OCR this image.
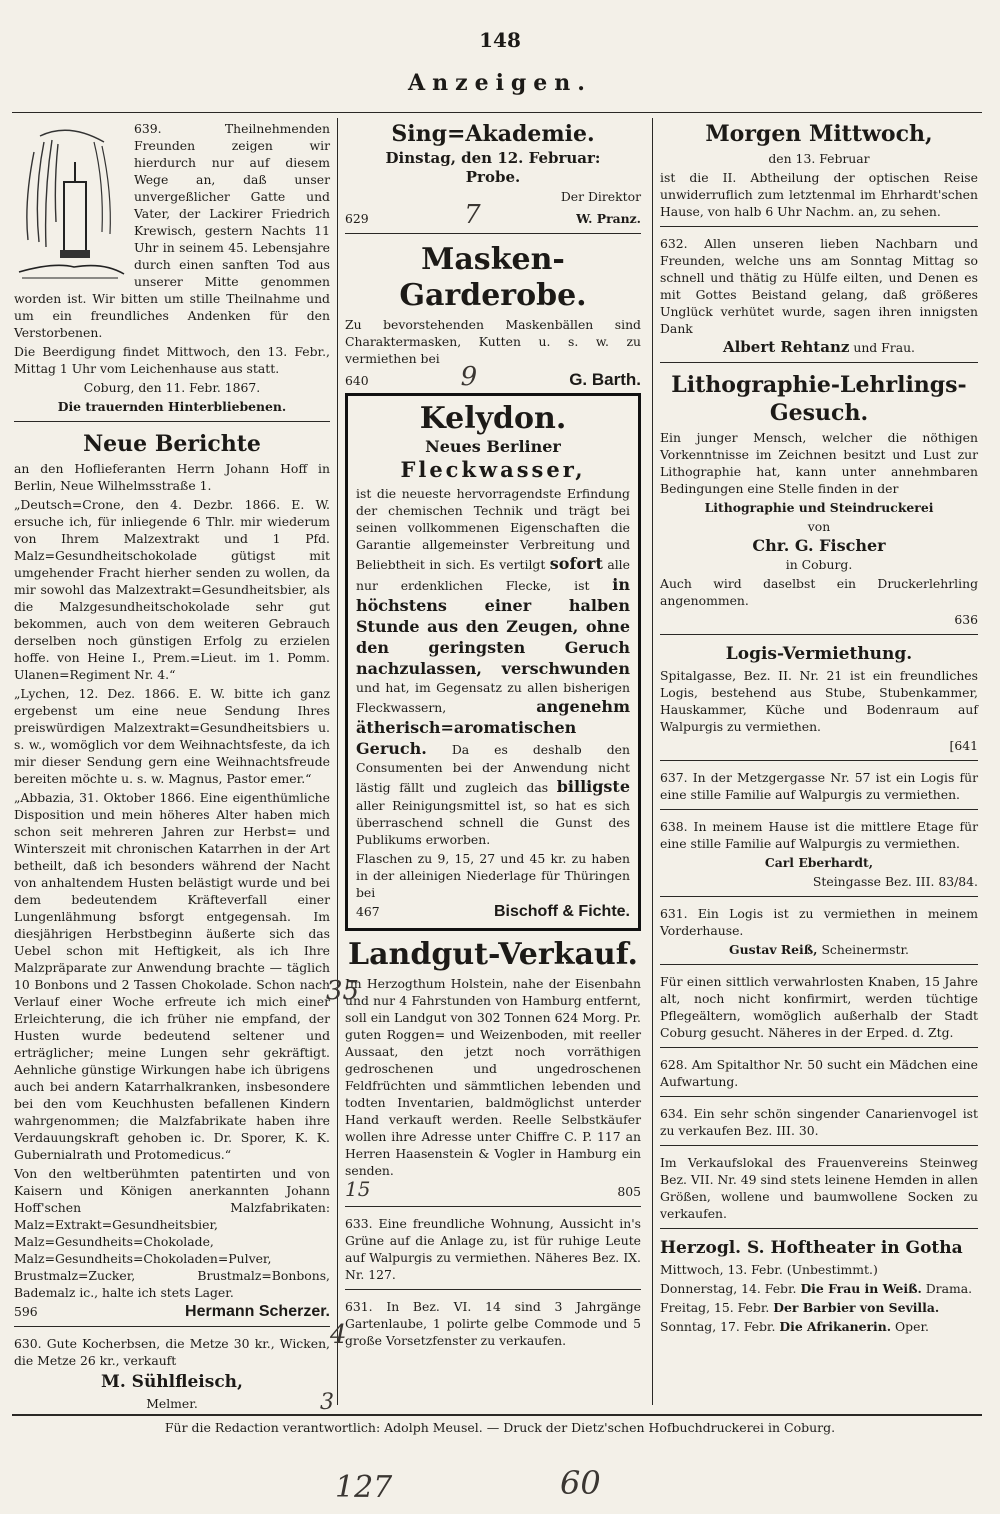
148
Anzeigen.

639. Theilnehmenden Freunden zeigen wir hierdurch nur auf diesem Wege an, daß unser unvergeßlicher Gatte und Vater, der Lackirer Friedrich Krewisch, gestern Nachts 11 Uhr in seinem 45. Lebensjahre durch einen sanften Tod aus unserer Mitte genommen worden ist. Wir bitten um stille Theilnahme und um ein freundliches Andenken für den Verstorbenen.

Die Beerdigung findet Mittwoch, den 13. Febr., Mittag 1 Uhr vom Leichenhause aus statt.

Coburg, den 11. Febr. 1867.

Die trauernden Hinterbliebenen.

Neue Berichte

an den Hoflieferanten Herrn Johann Hoff in Berlin, Neue Wilhelmsstraße 1.

„Deutsch=Crone, den 4. Dezbr. 1866. E. W. ersuche ich, für inliegende 6 Thlr. mir wiederum von Ihrem Malzextrakt und 1 Pfd. Malz=Gesundheitschokolade gütigst mit umgehender Fracht hierher senden zu wollen, da mir sowohl das Malzextrakt=Gesundheitsbier, als die Malzgesundheitschokolade sehr gut bekommen, auch von dem weiteren Gebrauch derselben noch günstigen Erfolg zu erzielen hoffe. von Heine I., Prem.=Lieut. im 1. Pomm. Ulanen=Regiment Nr. 4.“

„Lychen, 12. Dez. 1866. E. W. bitte ich ganz ergebenst um eine neue Sendung Ihres preiswürdigen Malzextrakt=Gesundheitsbiers u. s. w., womöglich vor dem Weihnachtsfeste, da ich mir dieser Sendung gern eine Weihnachtsfreude bereiten möchte u. s. w. Magnus, Pastor emer.“

„Abbazia, 31. Oktober 1866. Eine eigenthümliche Disposition und mein höheres Alter haben mich schon seit mehreren Jahren zur Herbst= und Winterszeit mit chronischen Katarrhen in der Art betheilt, daß ich besonders während der Nacht von anhaltendem Husten belästigt wurde und bei dem bedeutendem Kräfteverfall einer Lungenlähmung bsforgt entgegensah. Im diesjährigen Herbstbeginn äußerte sich das Uebel schon mit Heftigkeit, als ich Ihre Malzpräparate zur Anwendung brachte — täglich 10 Bonbons und 2 Tassen Chokolade. Schon nach Verlauf einer Woche erfreute ich mich einer Erleichterung, die ich früher nie empfand, der Husten wurde bedeutend seltener und erträglicher; meine Lungen sehr gekräftigt. Aehnliche günstige Wirkungen habe ich übrigens auch bei andern Katarrhalkranken, insbesondere bei den vom Keuchhusten befallenen Kindern wahrgenommen; die Malzfabrikate haben ihre Verdauungskraft gehoben ic. Dr. Sporer, K. K. Gubernialrath und Protomedicus.“

Von den weltberühmten patentirten und von Kaisern und Königen anerkannten Johann Hoff'schen Malzfabrikaten: Malz=Extrakt=Gesundheitsbier, Malz=Gesundheits=Chokolade, Malz=Gesundheits=Chokoladen=Pulver, Brustmalz=Zucker, Brustmalz=Bonbons, Bademalz ic., halte ich stets Lager.

596	Hermann Scherzer.

630. Gute Kocherbsen, die Metze 30 kr., Wicken, die Metze 26 kr., verkauft

M. Sühlfleisch,

Melmer.

Sing=Akademie.

Dinstag, den 12. Februar:

Probe.

Der Direktor

629	7	W. Pranz.

Masken-Garderobe.

Zu bevorstehenden Maskenbällen sind Charaktermasken, Kutten u. s. w. zu vermiethen bei

640	9	G. Barth.

Kelydon.

Neues Berliner

Fleckwasser,

ist die neueste hervorragendste Erfindung der chemischen Technik und trägt bei seinen vollkommenen Eigenschaften die Garantie allgemeinster Verbreitung und Beliebtheit in sich. Es vertilgt sofort alle nur erdenklichen Flecke, ist in höchstens einer halben Stunde aus den Zeugen, ohne den geringsten Geruch nachzulassen, verschwunden und hat, im Gegensatz zu allen bisherigen Fleckwassern,	angenehm ätherisch=aromatischen Geruch. Da es deshalb den Consumenten bei der Anwendung nicht lästig fällt und zugleich das billigste aller Reinigungsmittel ist, so hat es sich überraschend schnell die Gunst des Publikums erworben.

Flaschen zu 9, 15, 27 und 45 kr. zu haben in der alleinigen Niederlage für Thüringen bei

467	Bischoff & Fichte.

Landgut-Verkauf.

Im Herzogthum Holstein, nahe der Eisenbahn und nur 4 Fahrstunden von Hamburg entfernt, soll ein Landgut von 302 Tonnen 624 Morg. Pr. guten Roggen= und Weizenboden, mit reeller Aussaat, den jetzt noch vorräthigen gedroschenen und ungedroschenen Feldfrüchten und sämmtlichen lebenden und todten Inventarien, baldmöglichst unterder Hand verkauft werden. Reelle Selbstkäufer wollen ihre Adresse unter Chiffre C. P. 117 an Herren Haasenstein & Vogler in Hamburg ein senden.

15	805

633. Eine freundliche Wohnung, Aussicht in's Grüne auf die Anlage zu, ist für ruhige Leute auf Walpurgis zu vermiethen. Näheres Bez. IX. Nr. 127.

631. In Bez. VI. 14 sind 3 Jahrgänge Gartenlaube, 1 polirte gelbe Commode und 5 große Vorsetzfenster zu verkaufen.

35
4
3

Morgen Mittwoch,

den 13. Februar

ist die II. Abtheilung der optischen Reise unwiderruflich zum letztenmal im Ehrhardt'schen Hause, von halb 6 Uhr Nachm. an, zu sehen.

632. Allen unseren lieben Nachbarn und Freunden, welche uns am Sonntag Mittag so schnell und thätig zu Hülfe eilten, und Denen es mit Gottes Beistand gelang, daß größeres Unglück verhütet wurde, sagen ihren innigsten Dank

Albert Rehtanz und Frau.

Lithographie-Lehrlings-Gesuch.

Ein junger Mensch, welcher die nöthigen Vorkenntnisse im Zeichnen besitzt und Lust zur Lithographie hat, kann unter annehmbaren Bedingungen eine Stelle finden in der

Lithographie und Steindruckerei

von

Chr. G. Fischer

in Coburg.

Auch wird daselbst ein Druckerlehrling angenommen.

636

Logis-Vermiethung.

Spitalgasse, Bez. II. Nr. 21 ist ein freundliches Logis, bestehend aus Stube, Stubenkammer, Hauskammer, Küche und Bodenraum auf Walpurgis zu vermiethen.

[641

637. In der Metzgergasse Nr. 57 ist ein Logis für eine stille Familie auf Walpurgis zu vermiethen.

638. In meinem Hause ist die mittlere Etage für eine stille Familie auf Walpurgis zu vermiethen.

Carl Eberhardt,

Steingasse Bez. III. 83/84.

631. Ein Logis ist zu vermiethen in meinem Vorderhause.

Gustav Reiß, Scheinermstr.

Für einen sittlich verwahrlosten Knaben, 15 Jahre alt, noch nicht konfirmirt, werden tüchtige Pflegeältern, womöglich außerhalb der Stadt Coburg gesucht. Näheres in der Erped. d. Ztg.

628. Am Spitalthor Nr. 50 sucht ein Mädchen eine Aufwartung.

634. Ein sehr schön singender Canarienvogel ist zu verkaufen Bez. III. 30.

Im Verkaufslokal des Frauenvereins Steinweg Bez. VII. Nr. 49 sind stets leinene Hemden in allen Größen, wollene und baumwollene Socken zu verkaufen.

Herzogl. S. Hoftheater in Gotha

Mittwoch, 13. Febr. (Unbestimmt.)

Donnerstag, 14. Febr. Die Frau in Weiß. Drama.

Freitag, 15. Febr. Der Barbier von Sevilla.

Sonntag, 17. Febr. Die Afrikanerin. Oper.

Für die Redaction verantwortlich: Adolph Meusel. — Druck der Dietz'schen Hofbuchdruckerei in Coburg.
127	60
